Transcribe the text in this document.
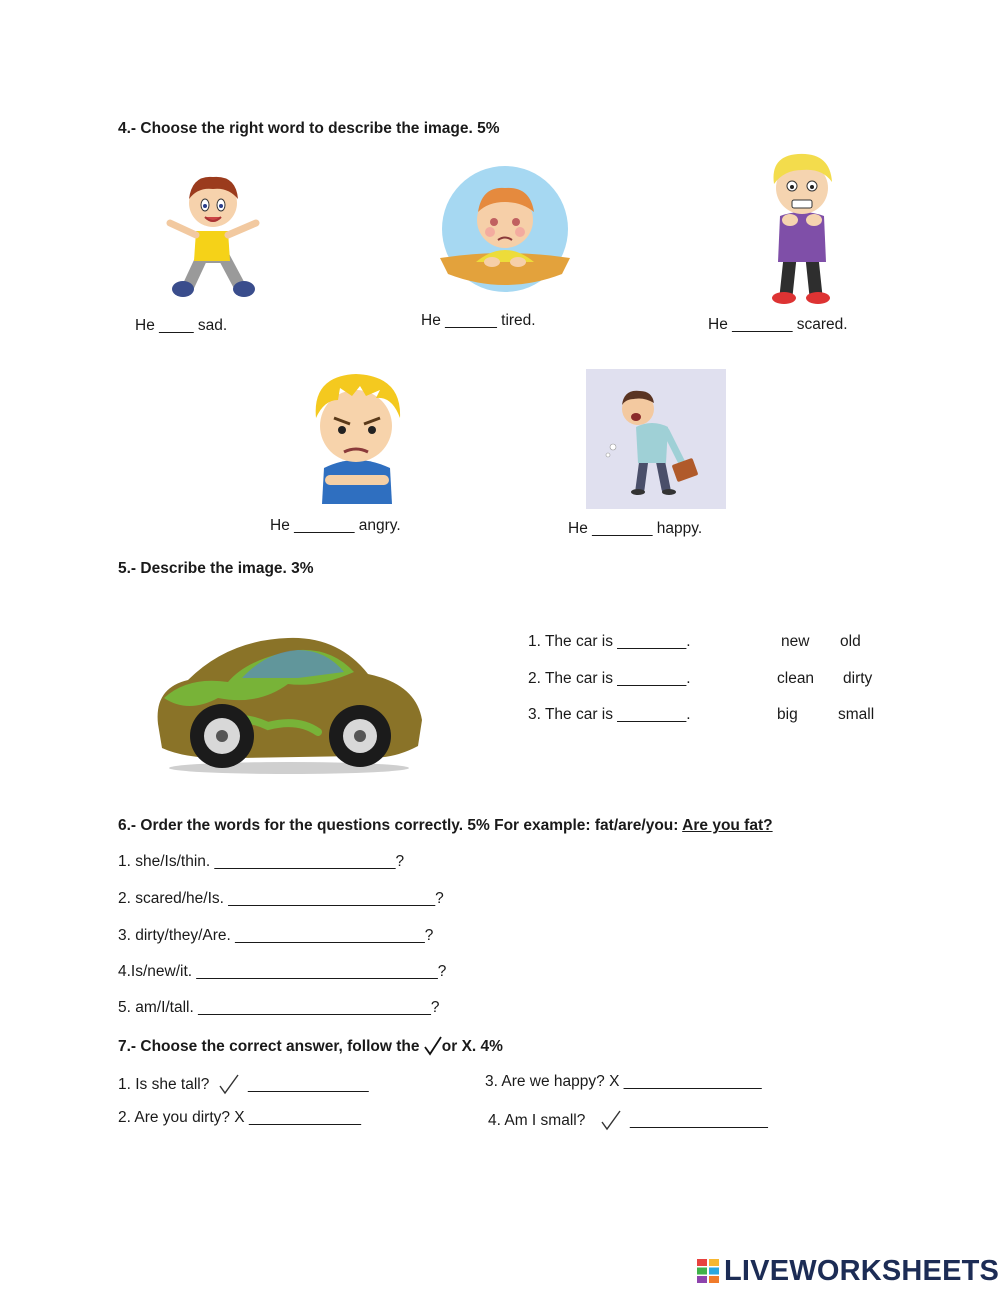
4.- Choose the right word to describe the image. 5%
He ____ sad.	He ______ tired.	He _______ scared.
He _______ angry.	He _______ happy.
5.- Describe the image. 3%
1. The car is ________.	new old
2. The car is ________.	clean dirty
3. The car is ________.	big	small
6.- Order the words for the questions correctly. 5% For example: fat/are/you: Are you fat?
1. she/Is/thin. _____________________?
2. scared/he/Is. ________________________?
3. dirty/they/Are. ______________________?
4.Is/new/it. ____________________________?
5. am/I/tall. ___________________________?
7.- Choose the correct answer, follow the or X. 4%
1. Is she tall? ______________
2. Are you dirty? X _____________
3. Are we happy? X ________________
4. Am I small?	________________
LIVEWORKSHEETS
